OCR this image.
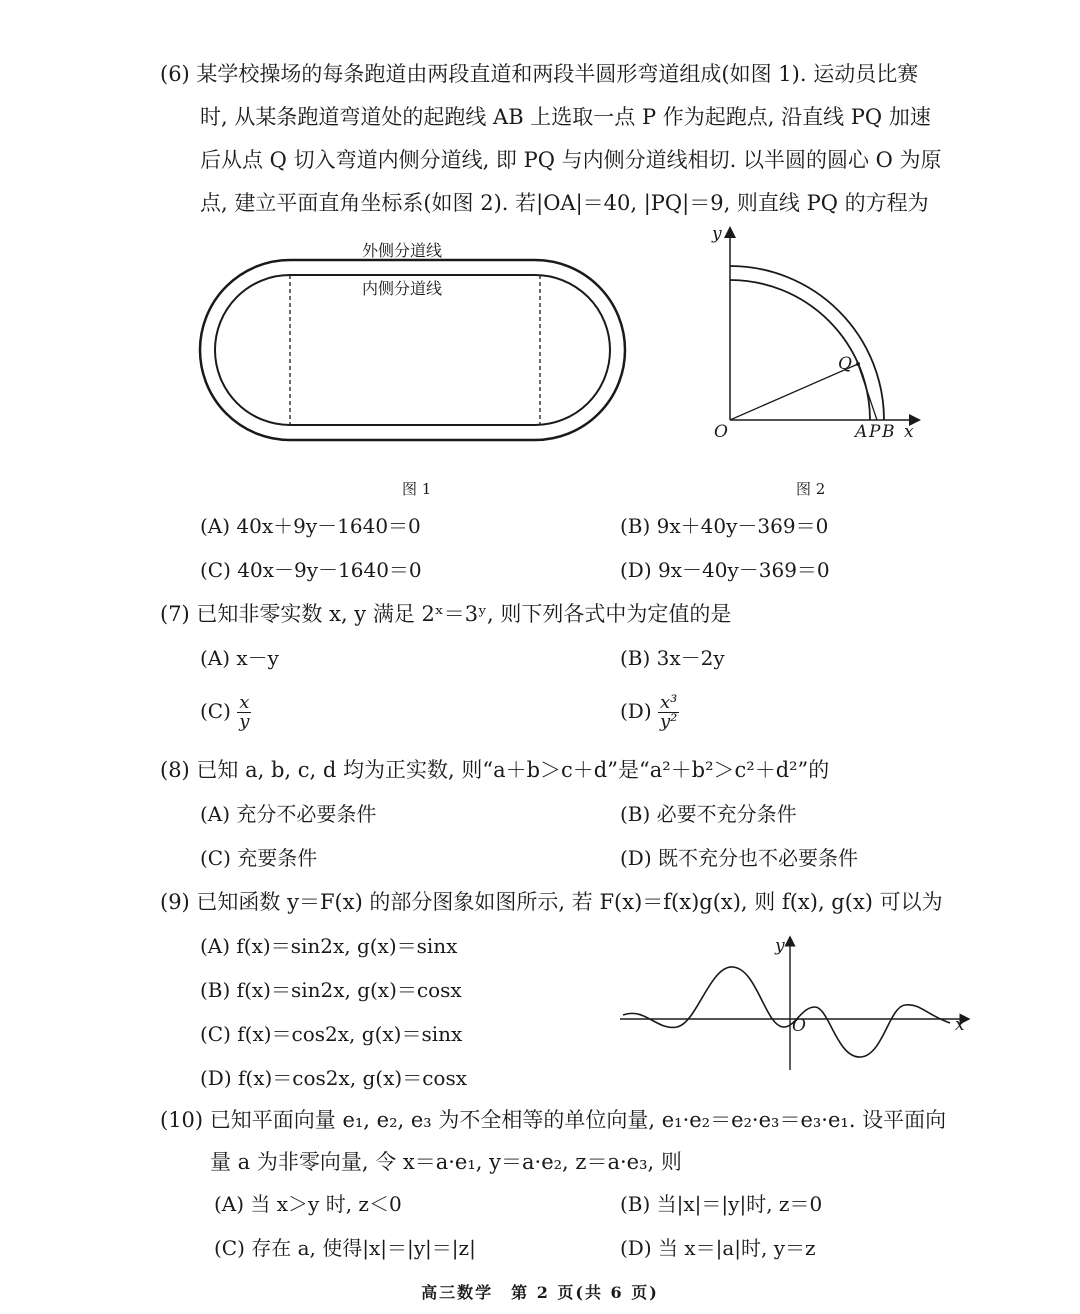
(6) 某学校操场的每条跑道由两段直道和两段半圆形弯道组成(如图 1). 运动员比赛
时, 从某条跑道弯道处的起跑线 AB 上选取一点 P 作为起跑点, 沿直线 PQ 加速
后从点 Q 切入弯道内侧分道线, 即 PQ 与内侧分道线相切. 以半圆的圆心 O 为原
点, 建立平面直角坐标系(如图 2). 若|OA|＝40, |PQ|＝9, 则直线 PQ 的方程为
外侧分道线
内侧分道线
图 1
y
x
O
Q
A P B
图 2
(A) 40x＋9y－1640＝0	(B) 9x＋40y－369＝0
(C) 40x－9y－1640＝0	(D) 9x－40y－369＝0
(7) 已知非零实数 x, y 满足 2ˣ＝3ʸ, 则下列各式中为定值的是
(A) x－y	(B) 3x－2y
$(C) \frac{x}{y}$	$(D) \frac{\text{x³}}{\text{y²}}$
(8) 已知 a, b, c, d 均为正实数, 则“a＋b＞c＋d”是“a²＋b²＞c²＋d²”的
(A) 充分不必要条件	(B) 必要不充分条件
(C) 充要条件	(D) 既不充分也不必要条件
(9) 已知函数 y＝F(x) 的部分图象如图所示, 若 F(x)＝f(x)g(x), 则 f(x), g(x) 可以为
(A) f(x)＝sin2x, g(x)＝sinx
(B) f(x)＝sin2x, g(x)＝cosx
(C) f(x)＝cos2x, g(x)＝sinx
(D) f(x)＝cos2x, g(x)＝cosx
y
x
O
(10) 已知平面向量 e₁, e₂, e₃ 为不全相等的单位向量, e₁·e₂＝e₂·e₃＝e₃·e₁. 设平面向
量 a 为非零向量, 令 x＝a·e₁, y＝a·e₂, z＝a·e₃, 则
(A) 当 x＞y 时, z＜0	(B) 当|x|＝|y|时, z＝0
(C) 存在 a, 使得|x|＝|y|＝|z|	(D) 当 x＝|a|时, y＝z
高三数学　第 2 页(共 6 页)
